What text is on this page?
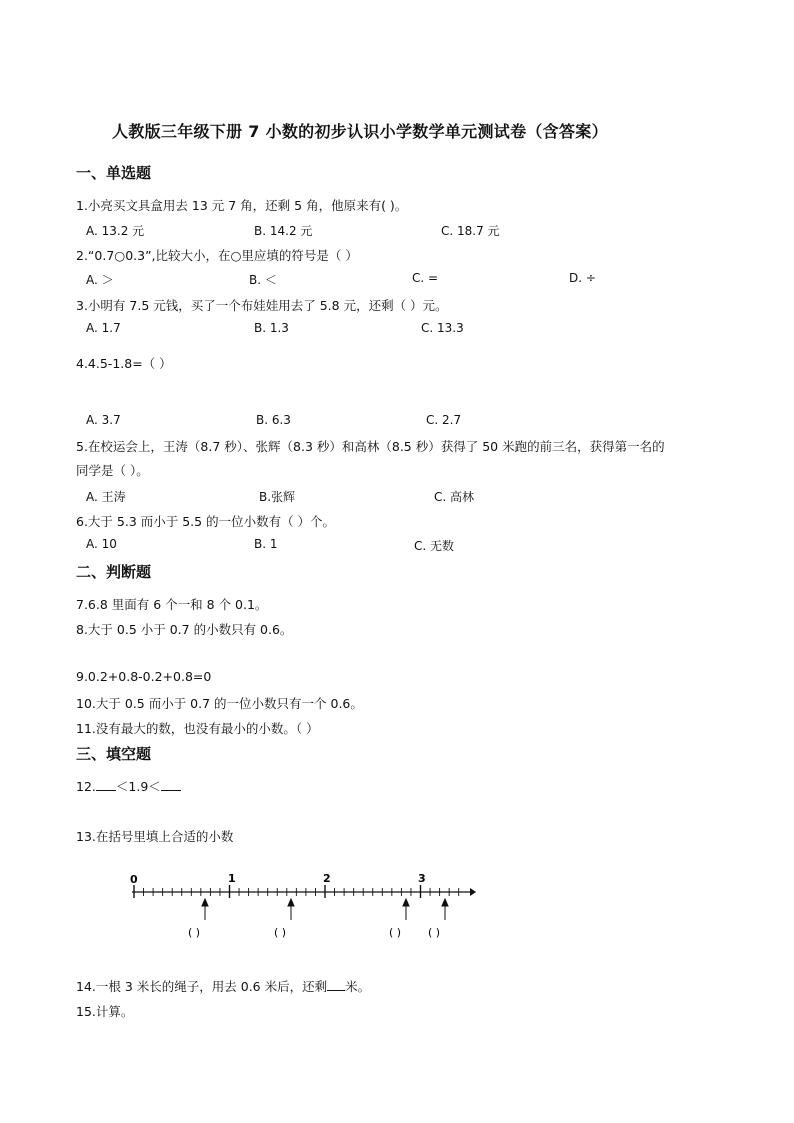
人教版三年级下册 7 小数的初步认识小学数学单元测试卷（含答案）
一、单选题
1.小亮买文具盒用去 13 元 7 角，还剩 5 角，他原来有( )。
A. 13.2 元	B. 14.2 元	C. 18.7 元
2.“0.7○0.3”,比较大小，在○里应填的符号是（ ）
A. ＞	B. ＜	C. =	D. ÷
3.小明有 7.5 元钱，买了一个布娃娃用去了 5.8 元，还剩（ ）元。
A. 1.7	B. 1.3	C. 13.3
4.4.5-1.8=（ ）
A. 3.7	B. 6.3	C. 2.7
5.在校运会上，王涛（8.7 秒）、张辉（8.3 秒）和高林（8.5 秒）获得了 50 米跑的前三名，获得第一名的
同学是（ ）。
A. 王涛	B.张辉	C. 高林
6.大于 5.3 而小于 5.5 的一位小数有（ ）个。
A. 10	B. 1	C. 无数
二、判断题
7.6.8 里面有 6 个一和 8 个 0.1。
8.大于 0.5 小于 0.7 的小数只有 0.6。
9.0.2+0.8-0.2+0.8=0
10.大于 0.5 而小于 0.7 的一位小数只有一个 0.6。
11.没有最大的数，也没有最小的小数。（ ）
三、填空题
12. ＜1.9＜
13.在括号里填上合适的小数
0	1	2	3
( )	( )	( ) ( )
14.一根 3 米长的绳子，用去 0.6 米后，还剩 米。
15.计算。
